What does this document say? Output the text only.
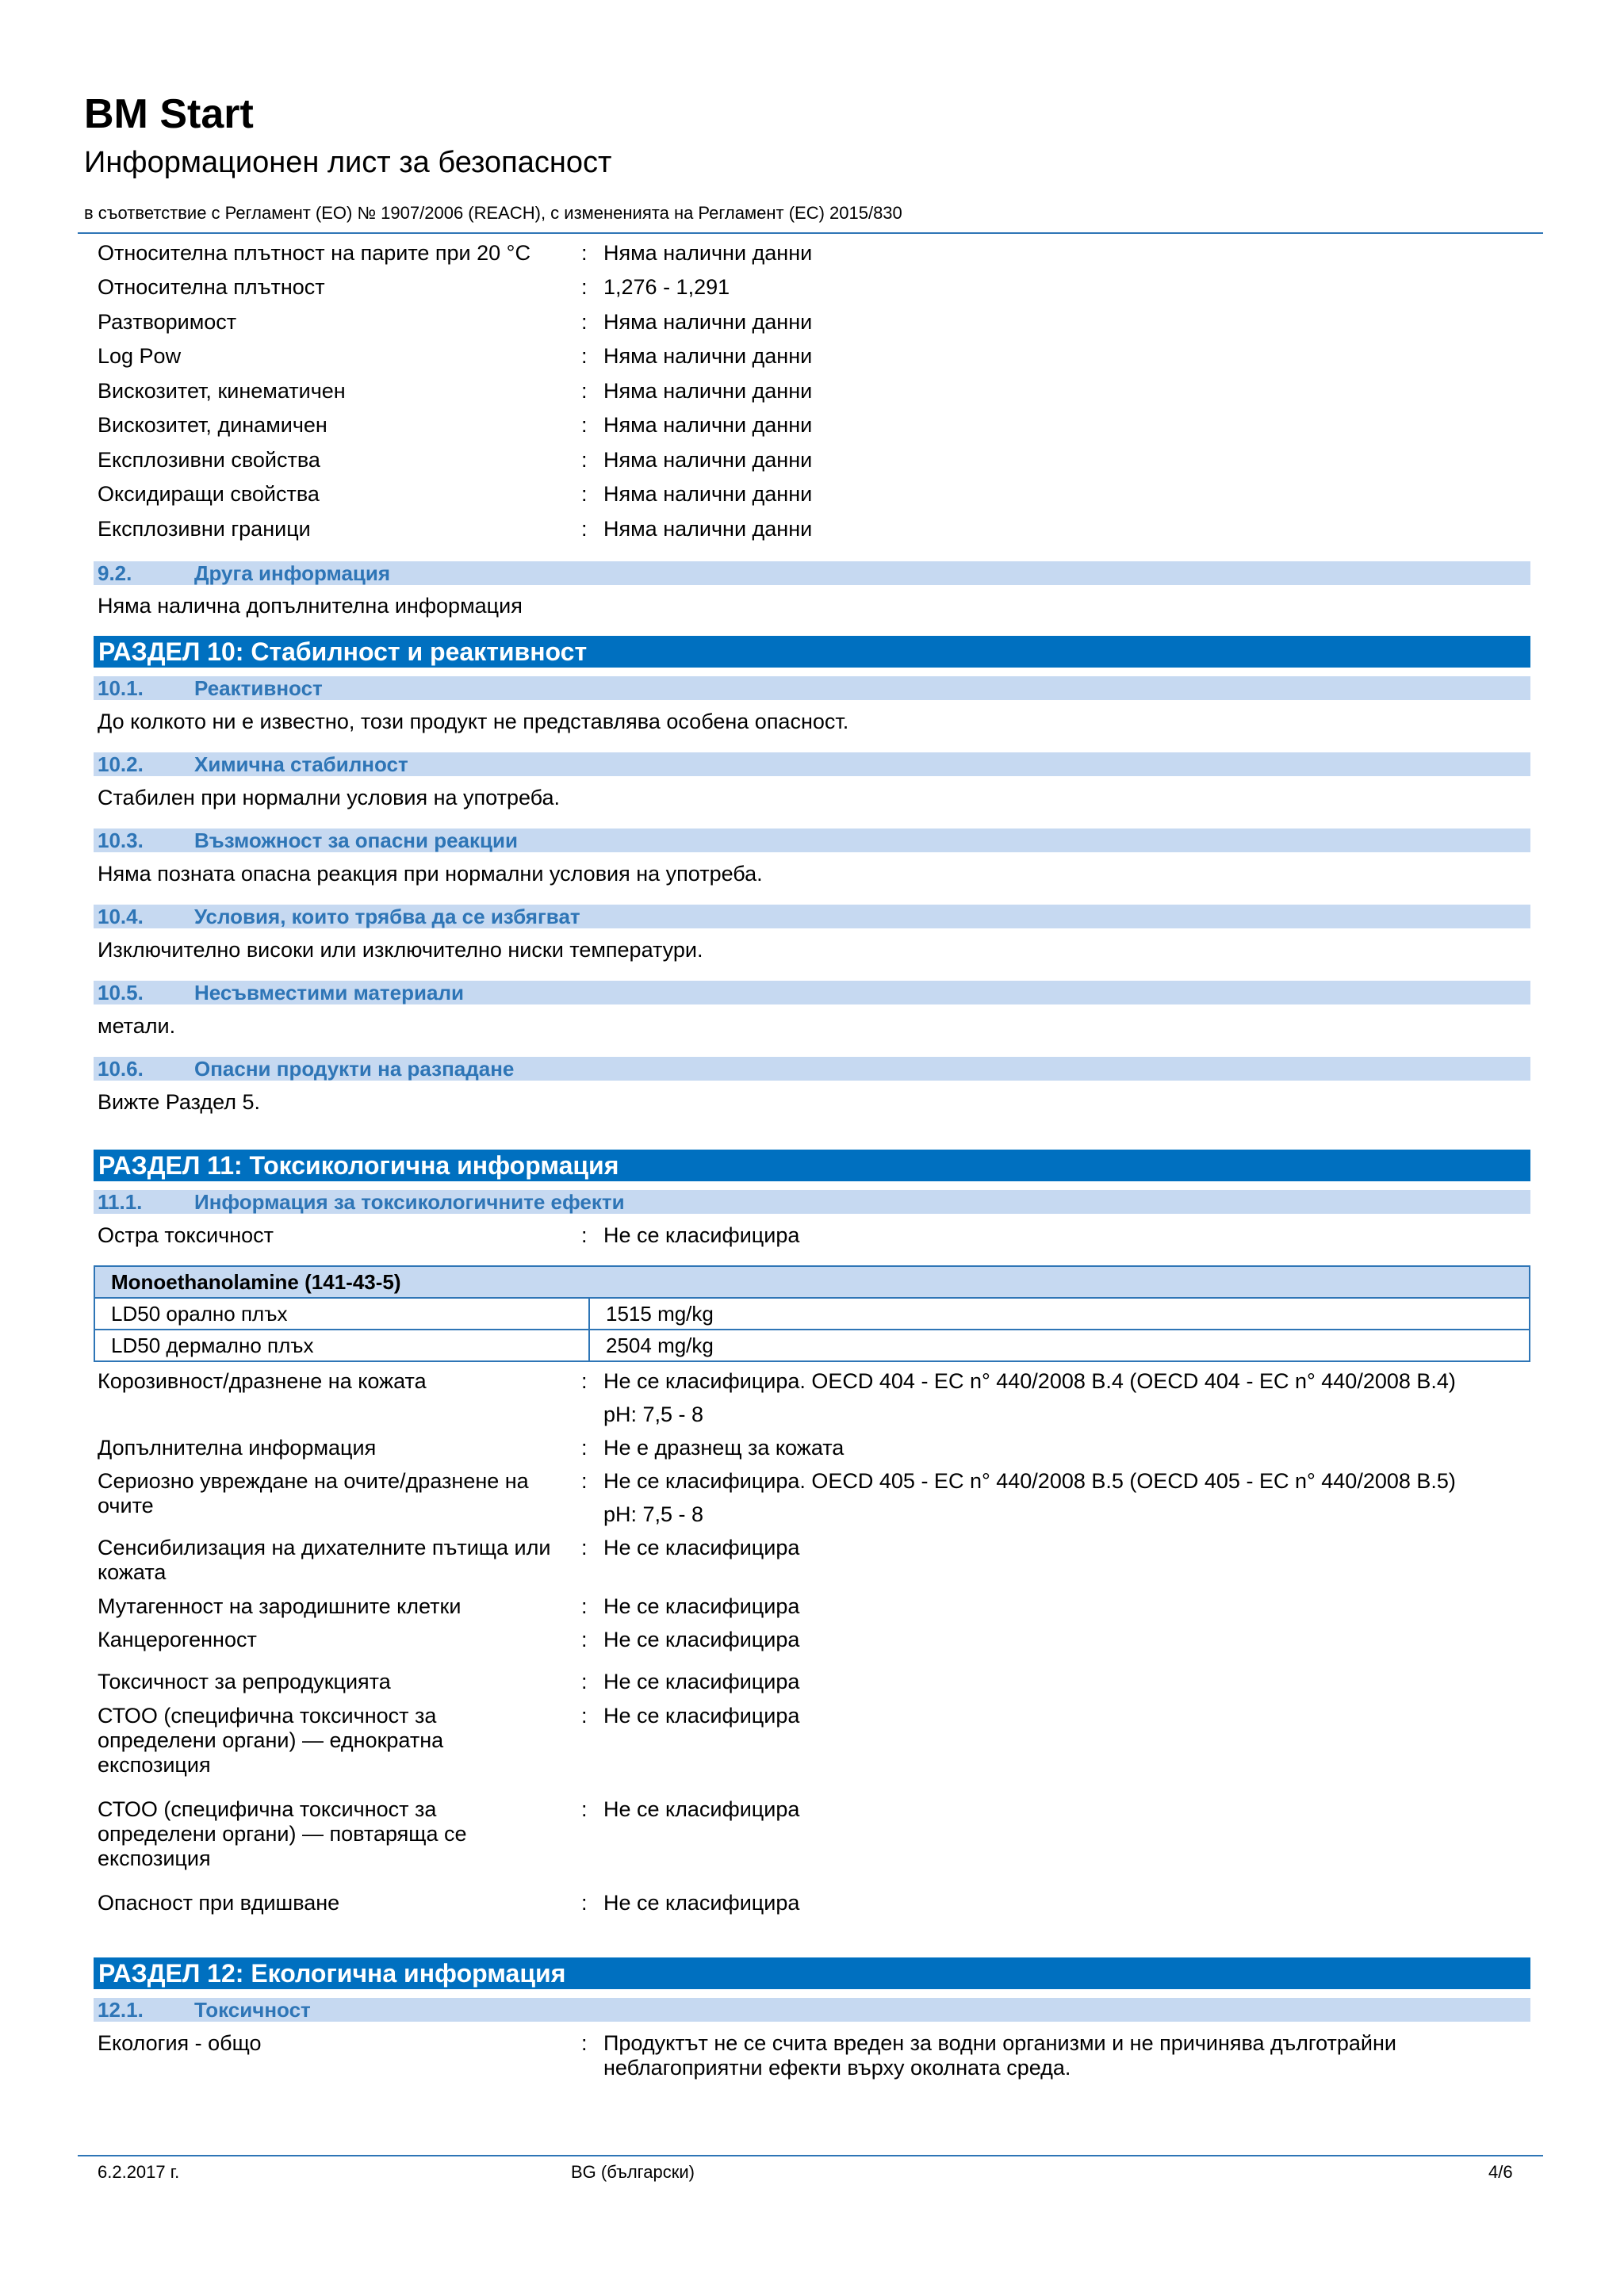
BM Start
Информационен лист за безопасност
в съответствие с Регламент (ЕО) № 1907/2006 (REACH), с измененията на Регламент (ЕС) 2015/830
Относителна плътност на парите при 20 °C	: Няма налични данни
Относителна плътност	: 1,276 - 1,291
Разтворимост	: Няма налични данни
Log Pow	: Няма налични данни
Вискозитет, кинематичен	: Няма налични данни
Вискозитет, динамичен	: Няма налични данни
Експлозивни свойства	: Няма налични данни
Оксидиращи свойства	: Няма налични данни
Експлозивни граници	: Няма налични данни
9.2.	Друга информация
Няма налична допълнителна информация
РАЗДЕЛ 10: Стабилност и реактивност
10.1. Реактивност
До колкото ни е известно, този продукт не представлява особена опасност.
10.2. Химична стабилност
Стабилен при нормални условия на употреба.
10.3. Възможност за опасни реакции
Няма позната опасна реакция при нормални условия на употреба.
10.4. Условия, които трябва да се избягват
Изключително високи или изключително ниски температури.
10.5. Несъвместими материали
метали.
10.6. Опасни продукти на разпадане
Вижте Раздел 5.
РАЗДЕЛ 11: Токсикологична информация
11.1.	Информация за токсикологичните ефекти
Остра токсичност	: Не се класифицира
Monoethanolamine (141-43-5)	
LD50 орално плъх	1515 mg/kg
LD50 дермално плъх	2504 mg/kg
Корозивност/дразнене на кожата	: Не се класифицира. OECD 404 - EC n° 440/2008 B.4 (OECD 404 - EC n° 440/2008 B.4)
pH: 7,5 - 8
Допълнителна информация	: Не е дразнещ за кожата
Сериозно увреждане на очите/дразнене на очите
: Не се класифицира. OECD 405 - EC n° 440/2008 B.5 (OECD 405 - EC n° 440/2008 B.5)
pH: 7,5 - 8
Сенсибилизация на дихателните пътища или кожата
: Не се класифицира
Мутагенност на зародишните клетки	: Не се класифицира
Канцерогенност	: Не се класифицира
Токсичност за репродукцията	: Не се класифицира
СТОО (специфична токсичност за определени органи) — еднократна експозиция
: Не се класифицира
СТОО (специфична токсичност за определени органи) — повтаряща се експозиция
: Не се класифицира
Опасност при вдишване	: Не се класифицира
РАЗДЕЛ 12: Екологична информация
12.1. Токсичност
Екология - общо	: Продуктът не се счита вреден за водни организми и не причинява дълготрайни неблагоприятни ефекти върху околната среда.
6.2.2017 г.	BG (български)	4/6
